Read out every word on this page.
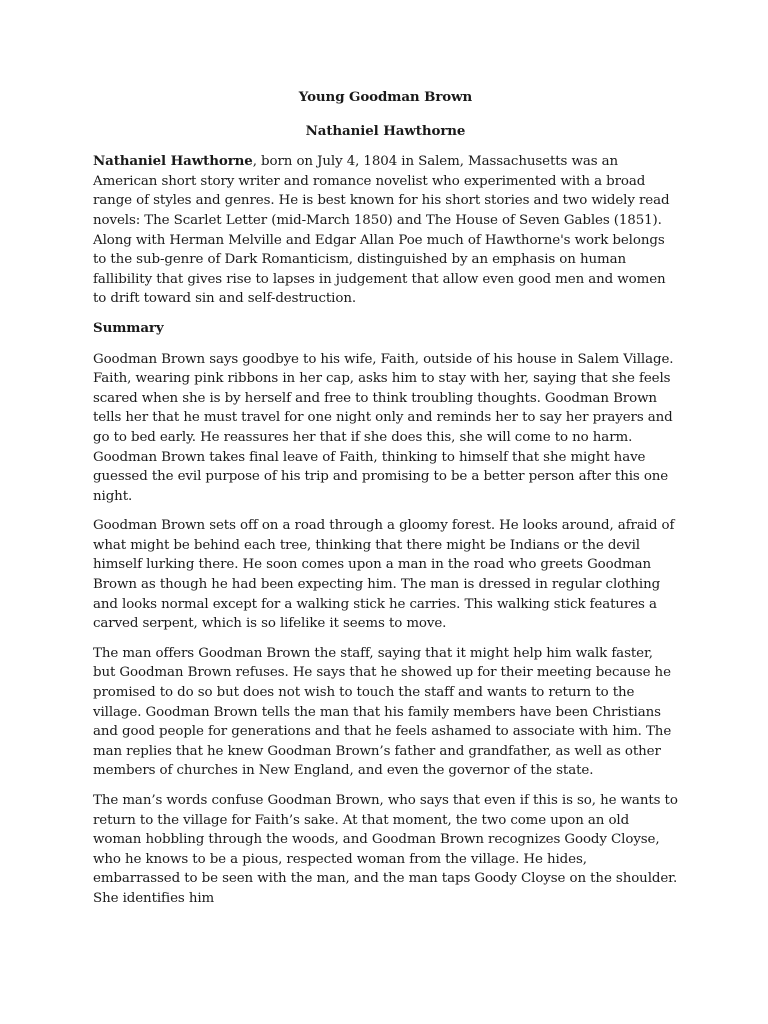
Young Goodman Brown
Nathaniel Hawthorne

Nathaniel Hawthorne, born on July 4, 1804 in Salem, Massachusetts was an American short story writer and romance novelist who experimented with a broad range of styles and genres. He is best known for his short stories and two widely read novels: The Scarlet Letter (mid-March 1850) and The House of Seven Gables (1851). Along with Herman Melville and Edgar Allan Poe much of Hawthorne's work belongs to the sub-genre of Dark Romanticism, distinguished by an emphasis on human fallibility that gives rise to lapses in judgement that allow even good men and women to drift toward sin and self-destruction.

Summary

Goodman Brown says goodbye to his wife, Faith, outside of his house in Salem Village. Faith, wearing pink ribbons in her cap, asks him to stay with her, saying that she feels scared when she is by herself and free to think troubling thoughts. Goodman Brown tells her that he must travel for one night only and reminds her to say her prayers and go to bed early. He reassures her that if she does this, she will come to no harm. Goodman Brown takes final leave of Faith, thinking to himself that she might have guessed the evil purpose of his trip and promising to be a better person after this one night.

Goodman Brown sets off on a road through a gloomy forest. He looks around, afraid of what might be behind each tree, thinking that there might be Indians or the devil himself lurking there. He soon comes upon a man in the road who greets Goodman Brown as though he had been expecting him. The man is dressed in regular clothing and looks normal except for a walking stick he carries. This walking stick features a carved serpent, which is so lifelike it seems to move.

The man offers Goodman Brown the staff, saying that it might help him walk faster, but Goodman Brown refuses. He says that he showed up for their meeting because he promised to do so but does not wish to touch the staff and wants to return to the village. Goodman Brown tells the man that his family members have been Christians and good people for generations and that he feels ashamed to associate with him. The man replies that he knew Goodman Brown’s father and grandfather, as well as other members of churches in New England, and even the governor of the state.

The man’s words confuse Goodman Brown, who says that even if this is so, he wants to return to the village for Faith’s sake. At that moment, the two come upon an old woman hobbling through the woods, and Goodman Brown recognizes Goody Cloyse, who he knows to be a pious, respected woman from the village. He hides, embarrassed to be seen with the man, and the man taps Goody Cloyse on the shoulder. She identifies him
